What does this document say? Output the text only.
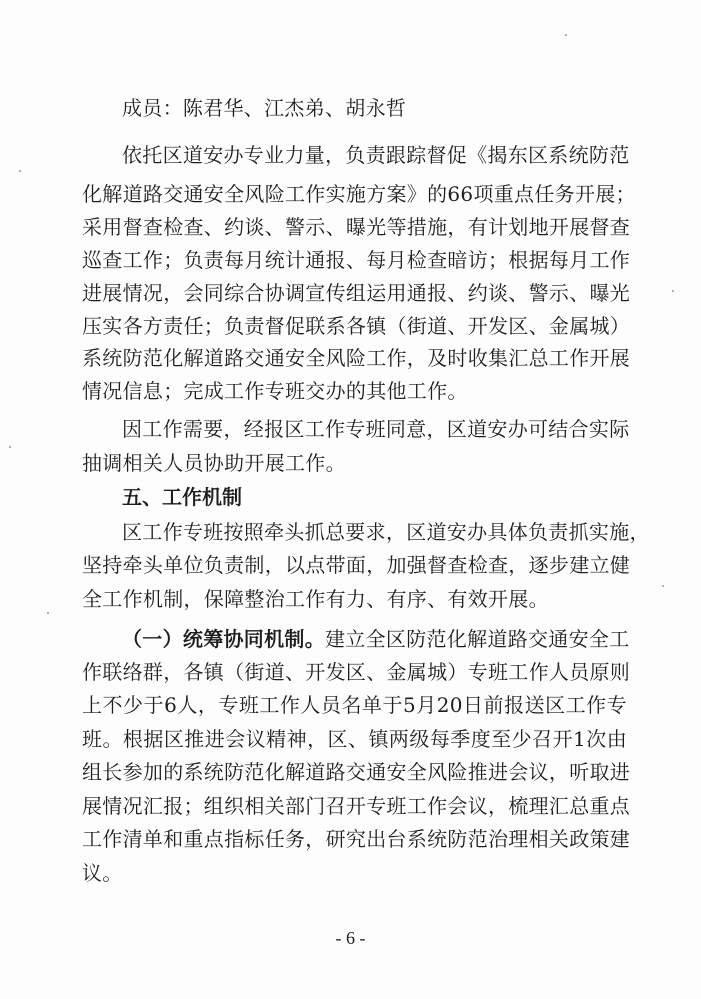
成员：陈君华、江杰弟、胡永哲
依托区道安办专业力量，负责跟踪督促《揭东区系统防范
化解道路交通安全风险工作实施方案》的66项重点任务开展；
采用督查检查、约谈、警示、曝光等措施，有计划地开展督查
巡查工作；负责每月统计通报、每月检查暗访；根据每月工作
进展情况，会同综合协调宣传组运用通报、约谈、警示、曝光
压实各方责任；负责督促联系各镇（街道、开发区、金属城）
系统防范化解道路交通安全风险工作，及时收集汇总工作开展
情况信息；完成工作专班交办的其他工作。
因工作需要，经报区工作专班同意，区道安办可结合实际
抽调相关人员协助开展工作。
五、工作机制
区工作专班按照牵头抓总要求，区道安办具体负责抓实施，
坚持牵头单位负责制，以点带面，加强督查检查，逐步建立健
全工作机制，保障整治工作有力、有序、有效开展。
（一）统筹协同机制。 建立全区防范化解道路交通安全工
作联络群，各镇（街道、开发区、金属城）专班工作人员原则
上不少于6人，专班工作人员名单于5月20日前报送区工作专
班。根据区推进会议精神，区、镇两级每季度至少召开1次由
组长参加的系统防范化解道路交通安全风险推进会议，听取进
展情况汇报；组织相关部门召开专班工作会议，梳理汇总重点
工作清单和重点指标任务，研究出台系统防范治理相关政策建
议。
- 6 -
